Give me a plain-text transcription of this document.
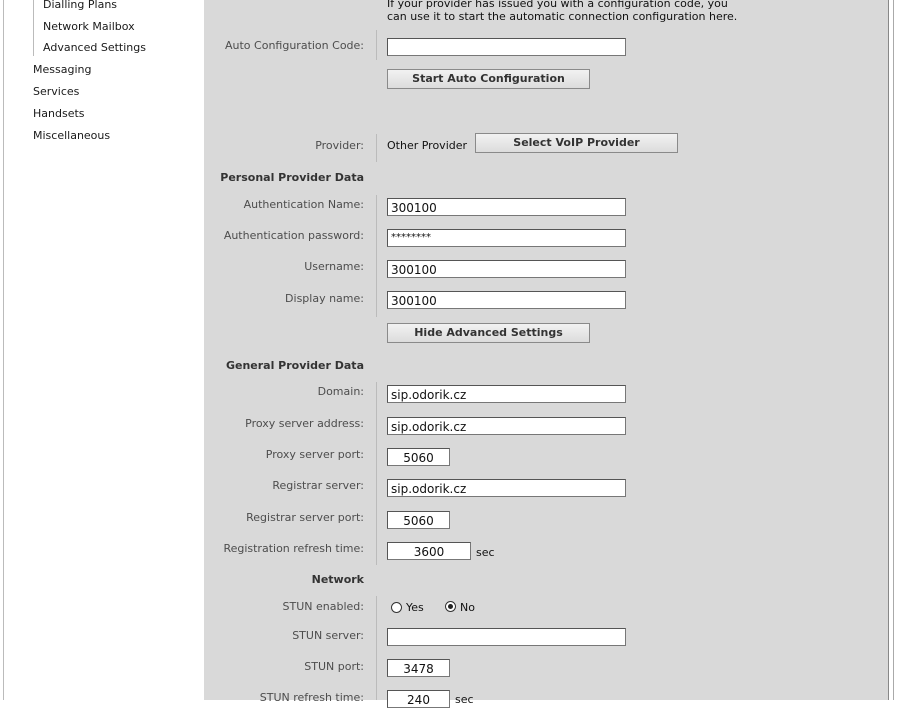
Dialling Plans
Network Mailbox
Advanced Settings
Messaging
Services
Handsets
Miscellaneous
If your provider has issued you with a configuration code, you
can use it to start the automatic connection configuration here.
Auto Configuration Code:
Start Auto Configuration
Provider: Other Provider	Select VoIP Provider
Personal Provider Data
Authentication Name:	300100
Authentication password:	********
Username:	300100
Display name:	300100
Hide Advanced Settings
General Provider Data
Domain:	sip.odorik.cz
Proxy server address:	sip.odorik.cz
Proxy server port:	5060
Registrar server:	sip.odorik.cz
Registrar server port:	5060
Registration refresh time:	3600	sec
Network
STUN enabled:	Yes	No
STUN server:
STUN port:	3478
STUN refresh time:	240	sec
